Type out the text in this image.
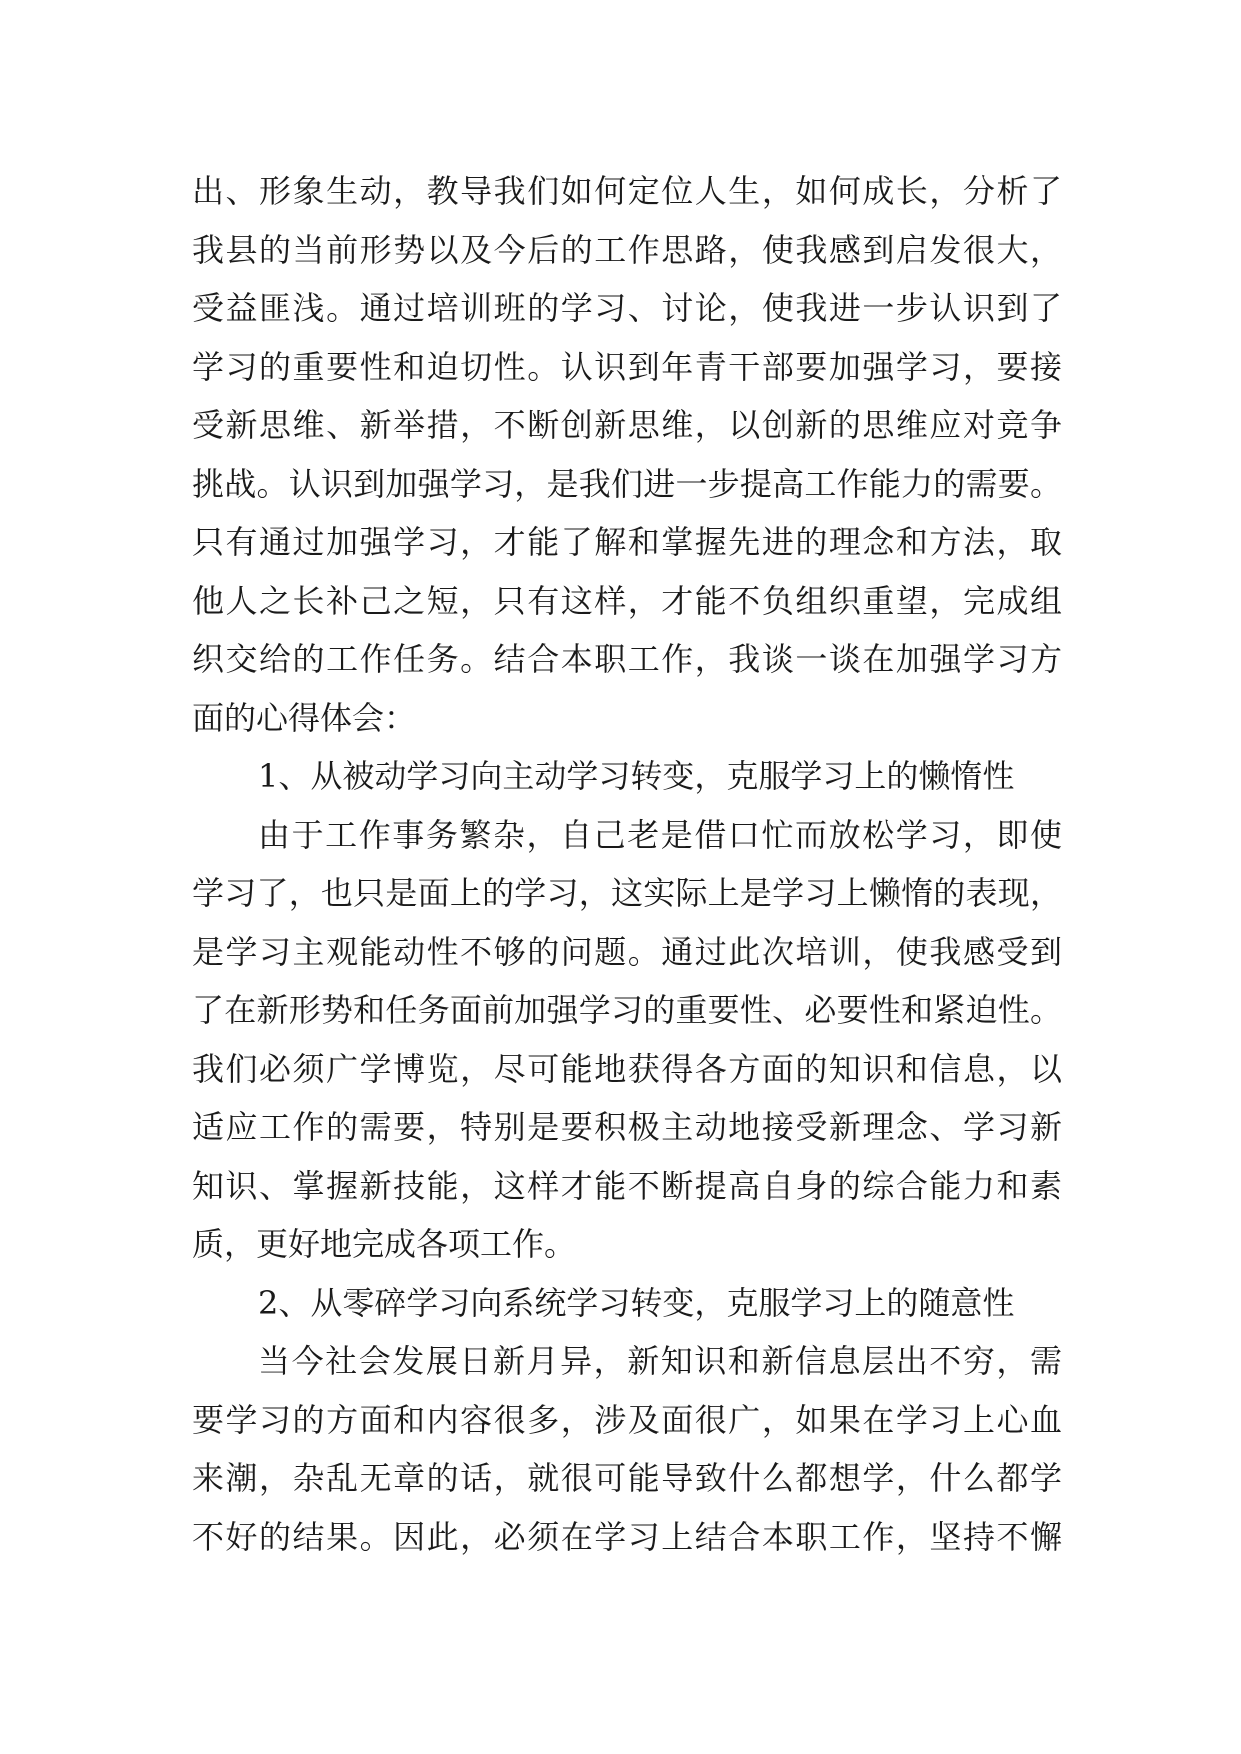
出、形象生动，教导我们如何定位人生，如何成长，分析了
我县的当前形势以及今后的工作思路，使我感到启发很大，
受益匪浅。通过培训班的学习、讨论，使我进一步认识到了
学习的重要性和迫切性。认识到年青干部要加强学习，要接
受新思维、新举措，不断创新思维，以创新的思维应对竞争
挑战。认识到加强学习，是我们进一步提高工作能力的需要。
只有通过加强学习，才能了解和掌握先进的理念和方法，取
他人之长补己之短，只有这样，才能不负组织重望，完成组
织交给的工作任务。结合本职工作，我谈一谈在加强学习方
面的心得体会：
1、从被动学习向主动学习转变，克服学习上的懒惰性
由于工作事务繁杂，自己老是借口忙而放松学习，即使
学习了，也只是面上的学习，这实际上是学习上懒惰的表现，
是学习主观能动性不够的问题。通过此次培训，使我感受到
了在新形势和任务面前加强学习的重要性、必要性和紧迫性。
我们必须广学博览，尽可能地获得各方面的知识和信息，以
适应工作的需要，特别是要积极主动地接受新理念、学习新
知识、掌握新技能，这样才能不断提高自身的综合能力和素
质，更好地完成各项工作。
2、从零碎学习向系统学习转变，克服学习上的随意性
当今社会发展日新月异，新知识和新信息层出不穷，需
要学习的方面和内容很多，涉及面很广，如果在学习上心血
来潮，杂乱无章的话，就很可能导致什么都想学，什么都学
不好的结果。因此，必须在学习上结合本职工作，坚持不懈
